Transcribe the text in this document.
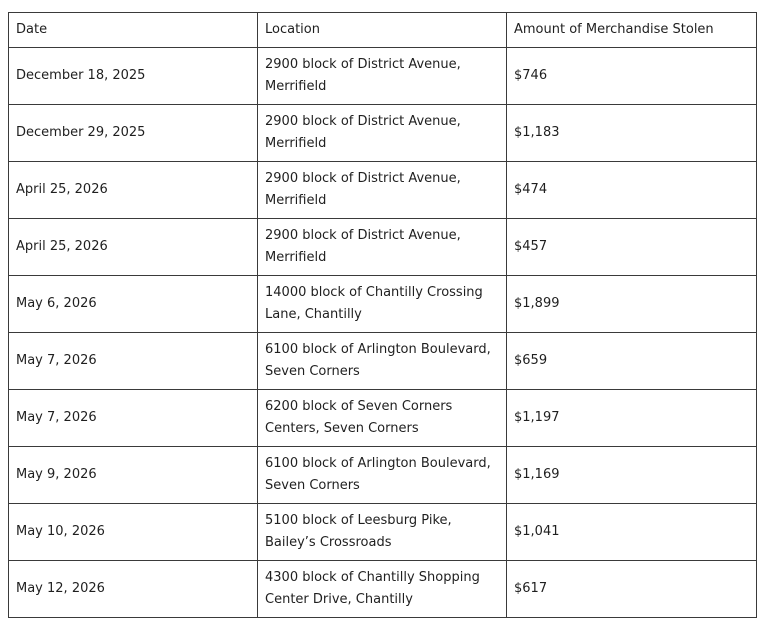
Date	Location	Amount of Merchandise Stolen
December 18, 2025	2900 block of District Avenue, Merrifield	$746
December 29, 2025	2900 block of District Avenue, Merrifield	$1,183
April 25, 2026	2900 block of District Avenue, Merrifield	$474
April 25, 2026	2900 block of District Avenue, Merrifield	$457
May 6, 2026	14000 block of Chantilly Crossing Lane, Chantilly	$1,899
May 7, 2026	6100 block of Arlington Boulevard, Seven Corners	$659
May 7, 2026	6200 block of Seven Corners Centers, Seven Corners	$1,197
May 9, 2026	6100 block of Arlington Boulevard, Seven Corners	$1,169
May 10, 2026	5100 block of Leesburg Pike, Bailey’s Crossroads	$1,041
May 12, 2026	4300 block of Chantilly Shopping Center Drive, Chantilly	$617
